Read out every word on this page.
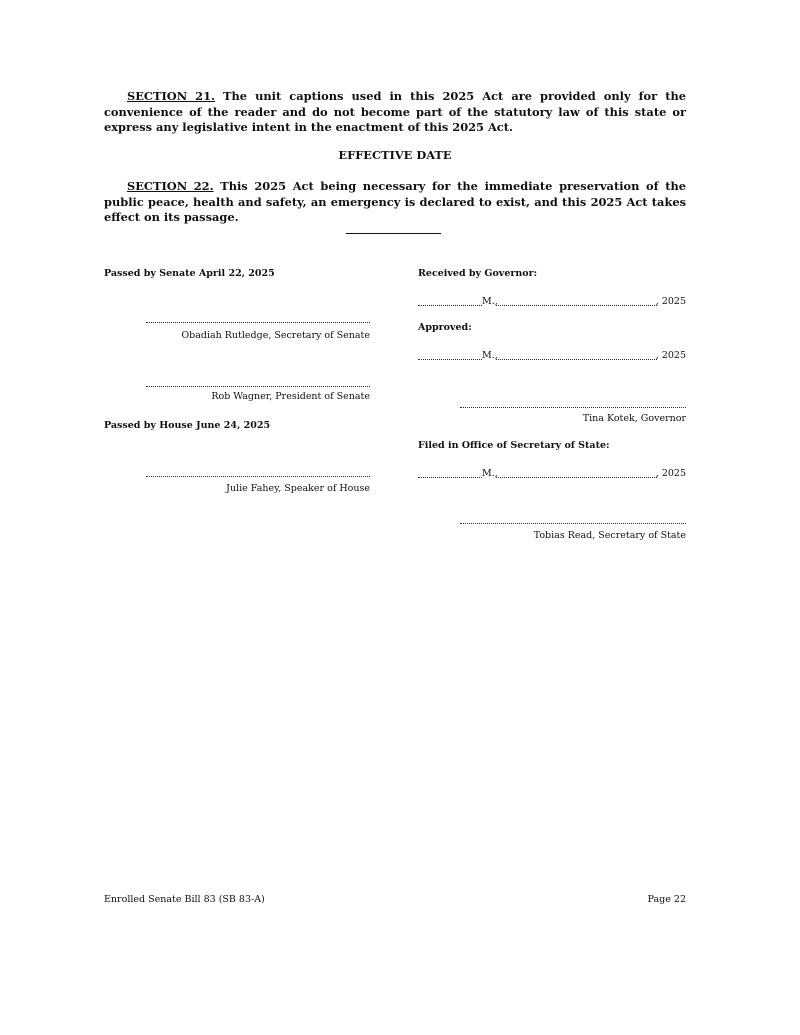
SECTION 21. The unit captions used in this 2025 Act are provided only for the convenience of the reader and do not become part of the statutory law of this state or express any legislative intent in the enactment of this 2025 Act.
EFFECTIVE DATE
SECTION 22. This 2025 Act being necessary for the immediate preservation of the public peace, health and safety, an emergency is declared to exist, and this 2025 Act takes effect on its passage.
Passed by Senate April 22, 2025
Obadiah Rutledge, Secretary of Senate
Rob Wagner, President of Senate
Passed by House June 24, 2025
Julie Fahey, Speaker of House
Received by Governor:
M.,	, 2025
Approved:
M.,	, 2025
Tina Kotek, Governor
Filed in Office of Secretary of State:
M.,	, 2025
Tobias Read, Secretary of State
Enrolled Senate Bill 83 (SB 83-A)	Page 22
